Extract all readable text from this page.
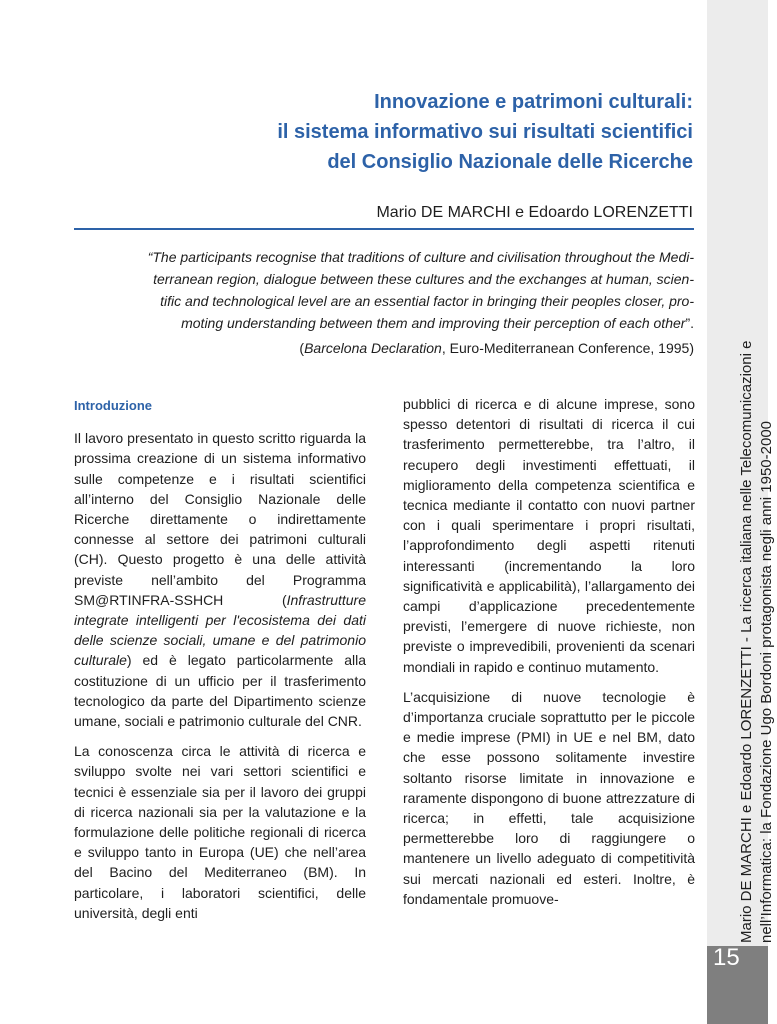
Innovazione e patrimoni culturali:
il sistema informativo sui risultati scientifici
del Consiglio Nazionale delle Ricerche
Mario DE MARCHI e Edoardo LORENZETTI
“The participants recognise that traditions of culture and civilisation throughout the Medi-
terranean region, dialogue between these cultures and the exchanges at human, scien-
tific and technological level are an essential factor in bringing their peoples closer, pro-
moting understanding between them and improving their perception of each other”.
(Barcelona Declaration, Euro-Mediterranean Conference, 1995)
Introduzione
Il lavoro presentato in questo scritto riguarda la prossima creazione di un sistema informativo sulle competenze e i risultati scientifici all’interno del Consiglio Nazionale delle Ricerche direttamente o indirettamente connesse al settore dei patrimoni culturali (CH). Questo progetto è una delle attività previste nell’ambito del Programma SM@RTINFRA-SSHCH (Infrastrutture integrate intelligenti per l'ecosistema dei dati delle scienze sociali, umane e del patrimonio culturale) ed è legato particolarmente alla costituzione di un ufficio per il trasferimento tecnologico da parte del Dipartimento scienze umane, sociali e patrimonio culturale del CNR.
La conoscenza circa le attività di ricerca e sviluppo svolte nei vari settori scientifici e tecnici è essenziale sia per il lavoro dei gruppi di ricerca nazionali sia per la valutazione e la formulazione delle politiche regionali di ricerca e sviluppo tanto in Europa (UE) che nell’area del Bacino del Mediterraneo (BM). In particolare, i laboratori scientifici, delle università, degli enti
pubblici di ricerca e di alcune imprese, sono spesso detentori di risultati di ricerca il cui trasferimento permetterebbe, tra l’altro, il recupero degli investimenti effettuati, il miglioramento della competenza scientifica e tecnica mediante il contatto con nuovi partner con i quali sperimentare i propri risultati, l’approfondimento degli aspetti ritenuti interessanti (incrementando la loro significatività e applicabilità), l’allargamento dei campi d’applicazione precedentemente previsti, l’emergere di nuove richieste, non previste o imprevedibili, provenienti da scenari mondiali in rapido e continuo mutamento.
L’acquisizione di nuove tecnologie è d’importanza cruciale soprattutto per le piccole e medie imprese (PMI) in UE e nel BM, dato che esse possono solitamente investire soltanto risorse limitate in innovazione e raramente dispongono di buone attrezzature di ricerca; in effetti, tale acquisizione permetterebbe loro di raggiungere o mantenere un livello adeguato di competitività sui mercati nazionali ed esteri. Inoltre, è fondamentale promuove-	Mario DE MARCHI e Edoardo LORENZETTI - La ricerca italiana nelle Telecomunicazioni e nell’Informatica: la Fondazione Ugo Bordoni protagonista negli anni 1950-2000
15
